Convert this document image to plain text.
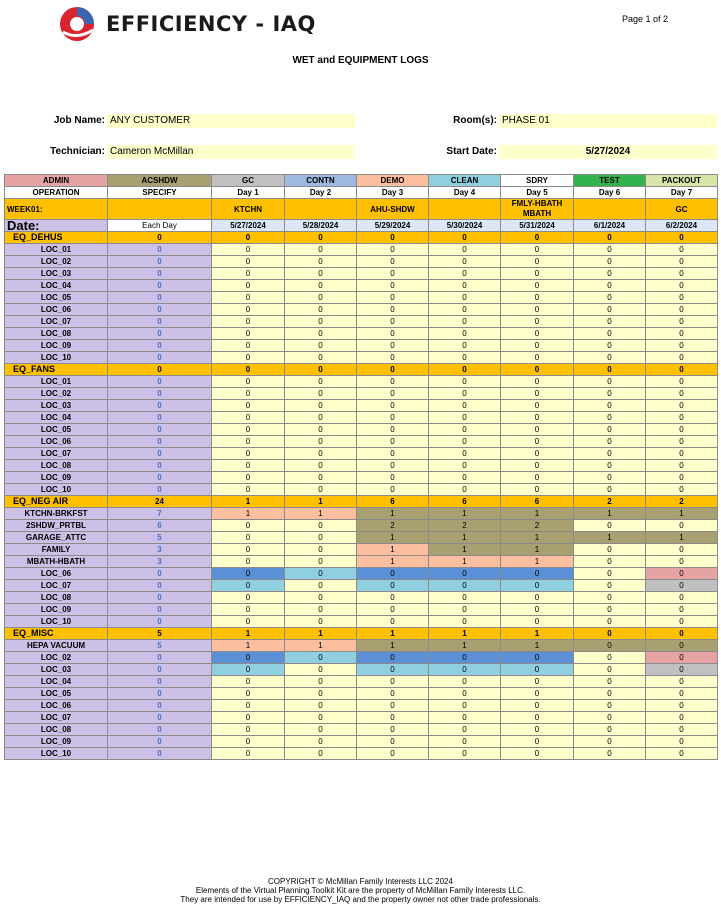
EFFICIENCY - IAQ	Page 1 of 2
WET and EQUIPMENT LOGS
Job Name: ANY CUSTOMER	Room(s): PHASE 01
Technician: Cameron McMillan	Start Date:	5/27/2024
ADMIN	ACSHDW	GC	CONTN	DEMO	CLEAN	SDRY	TEST	PACKOUT
OPERATION	SPECIFY	Day 1	Day 2	Day 3	Day 4	Day 5	Day 6	Day 7
WEEK01:		KTCHN		AHU-SHDW		FMLY-HBATH MBATH		GC
Date:	Each Day	5/27/2024	5/28/2024	5/29/2024	5/30/2024	5/31/2024	6/1/2024	6/2/2024
EQ_DEHUS	0	0	0	0	0	0	0	0
LOC_01	0	0	0	0	0	0	0	0
LOC_02	0	0	0	0	0	0	0	0
LOC_03	0	0	0	0	0	0	0	0
LOC_04	0	0	0	0	0	0	0	0
LOC_05	0	0	0	0	0	0	0	0
LOC_06	0	0	0	0	0	0	0	0
LOC_07	0	0	0	0	0	0	0	0
LOC_08	0	0	0	0	0	0	0	0
LOC_09	0	0	0	0	0	0	0	0
LOC_10	0	0	0	0	0	0	0	0
EQ_FANS	0	0	0	0	0	0	0	0
LOC_01	0	0	0	0	0	0	0	0
LOC_02	0	0	0	0	0	0	0	0
LOC_03	0	0	0	0	0	0	0	0
LOC_04	0	0	0	0	0	0	0	0
LOC_05	0	0	0	0	0	0	0	0
LOC_06	0	0	0	0	0	0	0	0
LOC_07	0	0	0	0	0	0	0	0
LOC_08	0	0	0	0	0	0	0	0
LOC_09	0	0	0	0	0	0	0	0
LOC_10	0	0	0	0	0	0	0	0
EQ_NEG AIR	24	1	1	6	6	6	2	2
KTCHN-BRKFST	7	1	1	1	1	1	1	1
2SHDW_PRTBL	6	0	0	2	2	2	0	0
GARAGE_ATTC	5	0	0	1	1	1	1	1
FAMILY	3	0	0	1	1	1	0	0
MBATH-HBATH	3	0	0	1	1	1	0	0
LOC_06	0	0	0	0	0	0	0	0
LOC_07	0	0	0	0	0	0	0	0
LOC_08	0	0	0	0	0	0	0	0
LOC_09	0	0	0	0	0	0	0	0
LOC_10	0	0	0	0	0	0	0	0
EQ_MISC	5	1	1	1	1	1	0	0
HEPA VACUUM	5	1	1	1	1	1	0	0
LOC_02	0	0	0	0	0	0	0	0
LOC_03	0	0	0	0	0	0	0	0
LOC_04	0	0	0	0	0	0	0	0
LOC_05	0	0	0	0	0	0	0	0
LOC_06	0	0	0	0	0	0	0	0
LOC_07	0	0	0	0	0	0	0	0
LOC_08	0	0	0	0	0	0	0	0
LOC_09	0	0	0	0	0	0	0	0
LOC_10	0	0	0	0	0	0	0	0
COPYRIGHT © McMillan Family Interests LLC 2024
Elements of the Virtual Planning Toolkit Kit are the property of McMillan Family Interests LLC.
They are intended for use by EFFICIENCY_IAQ and the property owner not other trade professionals.
